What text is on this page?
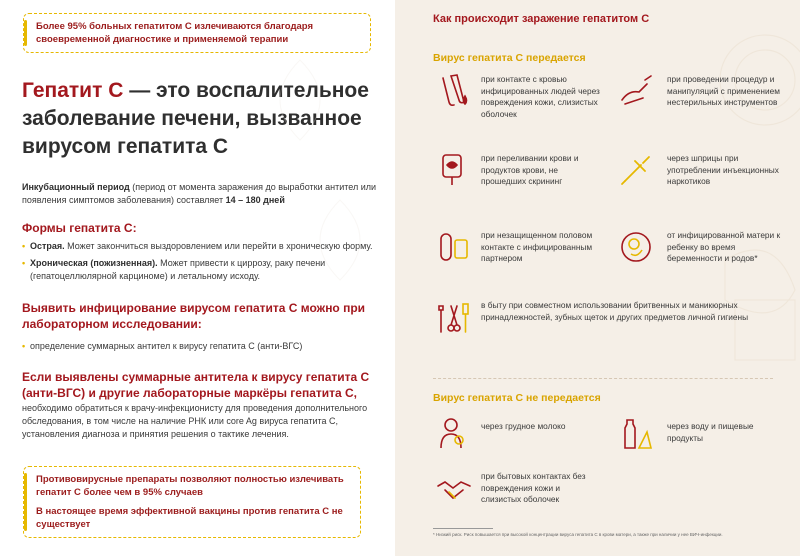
Более 95% больных гепатитом С излечиваются благодаря своевременной диагностике и применяемой терапии

Гепатит С — это воспалительное заболевание печени, вызванное вирусом гепатита С
Инкубационный период (период от момента заражения до выработки антител или появления симптомов заболевания) составляет 14 – 180 дней
Формы гепатита С:
• Острая. Может закончиться выздоровлением или перейти в хроническую форму.
• Хроническая (пожизненная). Может привести к циррозу, раку печени (гепатоцеллюлярной карциноме) и летальному исходу.
Выявить инфицирование вирусом гепатита С можно при лабораторном исследовании:
• определение суммарных антител к вирусу гепатита С (анти-ВГС)
Если выявлены суммарные антитела к вирусу гепатита С (анти-ВГС) и другие лабораторные маркёры гепатита С,
необходимо обратиться к врачу-инфекционисту для проведения дополнительного обследования, в том числе на наличие РНК или core Ag вируса гепатита С, установления диагноза и принятия решения о тактике лечения.

Противовирусные препараты позволяют полностью излечивать гепатит С более чем в 95% случаев

В настоящее время эффективной вакцины против гепатита С не существует

Как происходит заражение гепатитом С
Вирус гепатита С передается
при контакте с кровью инфицированных людей через повреждения кожи, слизистых оболочек
при проведении процедур и манипуляций с применением нестерильных инструментов
при переливании крови и продуктов крови, не прошедших скрининг
через шприцы при употреблении инъекционных наркотиков
при незащищенном половом контакте с инфицированным партнером
от инфицированной матери к ребенку во время беременности и родов*
в быту при совместном использовании бритвенных и маникюрных принадлежностей, зубных щеток и других предметов личной гигиены
Вирус гепатита С не передается
через грудное молоко	через воду и пищевые продукты
при бытовых контактах без повреждения кожи и слизистых оболочек
* Низкий риск. Риск повышается при высокой концентрации вируса гепатита С в крови матери, а также при наличии у нее ВИЧ-инфекции.
